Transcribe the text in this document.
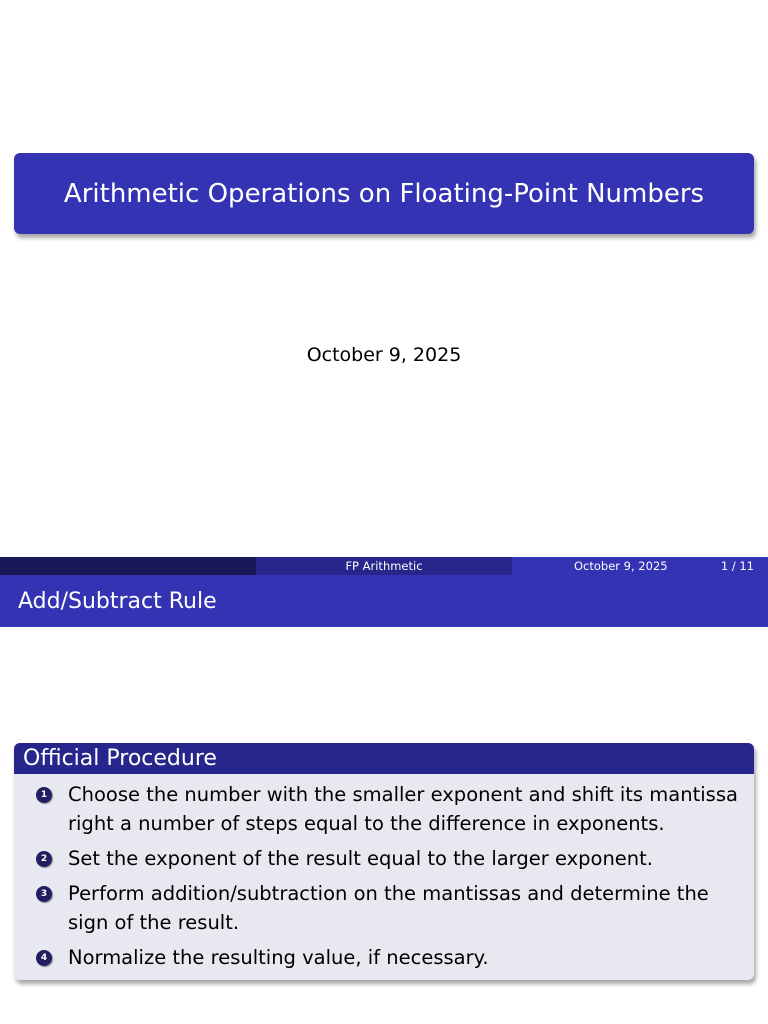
Arithmetic Operations on Floating-Point Numbers
October 9, 2025
FP Arithmetic	October 9, 2025	1 / 11
Add/Subtract Rule
Official Procedure
1 Choose the number with the smaller exponent and shift its mantissa right a number of steps equal to the difference in exponents.
2 Set the exponent of the result equal to the larger exponent.
3 Perform addition/subtraction on the mantissas and determine the sign of the result.
4 Normalize the resulting value, if necessary.
